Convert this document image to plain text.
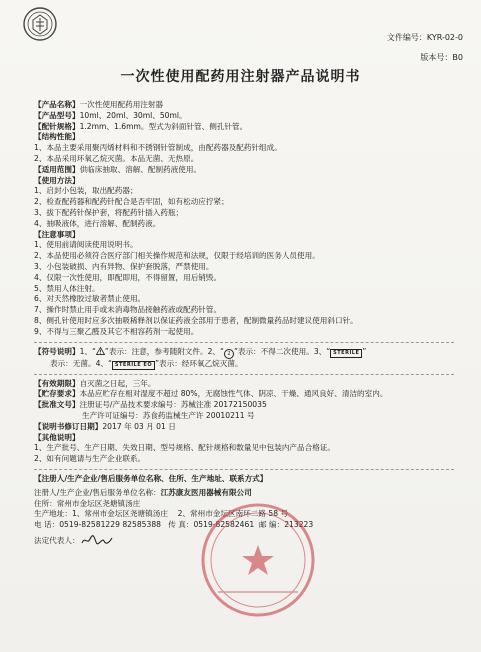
文件编号：KYR-02-0
版本号：B0
一次性使用配药用注射器产品说明书
【产品名称】一次性使用配药用注射器
【产品型号】10ml、20ml、30ml、50ml。
【配针规格】1.2mm、1.6mm。型式为斜面针管、侧孔针管。
【结构性能】
1、本品主要采用聚丙烯材料和不锈钢针管制成，由配药器及配药针组成。
2、本品采用环氧乙烷灭菌。本品无菌、无热原。
【适用范围】供临床抽取、溶解、配制药液使用。
【使用方法】
1、启封小包装，取出配药器；
2、检查配药器和配药针配合是否牢固，如有松动应拧紧；
3、拔下配药针保护套，将配药针插入药瓶；
4、抽吸液体，进行溶解、配制药液。
【注意事项】
1、使用前请阅读使用说明书。
2、本品使用必须符合医疗部门相关操作规范和法规，仅限于经培训的医务人员使用。
3、小包装破损、内有异物、保护套脱落，严禁使用。
4、仅限一次性使用，即配即用，不得留置，用后销毁。
5、禁用人体注射。
6、对天然橡胶过敏者禁止使用。
7、操作时禁止用手或未消毒物品接触药液或配药针管。
8、侧孔针使用时应多次抽吸稀释剂以保证药液全部用于患者，配制微量药品时建议使用斜口针。
9、不得与三聚乙醛及其它不相容药剂一起使用。
【符号说明】1、“ ”表示：注意，参考随附文件。2、“ 2 ”表示：不得二次使用。3、“ STERILE ”
表示：无菌。4、“ STERILE EO ”表示：经环氧乙烷灭菌。
【有效期限】自灭菌之日起，三年。
【贮存要求】本品应贮存在相对湿度不超过 80%，无腐蚀性气体、阴凉、干燥、通风良好、清洁的室内。
【批准文号】注册证号/产品技术要求编号：苏械注准 20172150035
生产许可证编号：苏食药监械生产许 20010211 号
【说明书修订日期】2017 年 03 月 01 日
【其他说明】
1、生产批号、生产日期、失效日期、型号规格、配针规格和数量见中包装内产品合格证。
2、如有问题请与生产企业联系。
【注册人/生产企业/售后服务单位名称、住所、生产地址、联系方式】
注册人/生产企业/售后服务单位名称：江苏康友医用器械有限公司
住所：常州市金坛区尧塘镇汤庄
生产地址：1、常州市金坛区尧塘镇汤庄 2、常州市金坛区南环二路 58 号
电 话：0519-82581229 82585388 传 真：0519-82582461 邮 编：213223
法定代表人：
